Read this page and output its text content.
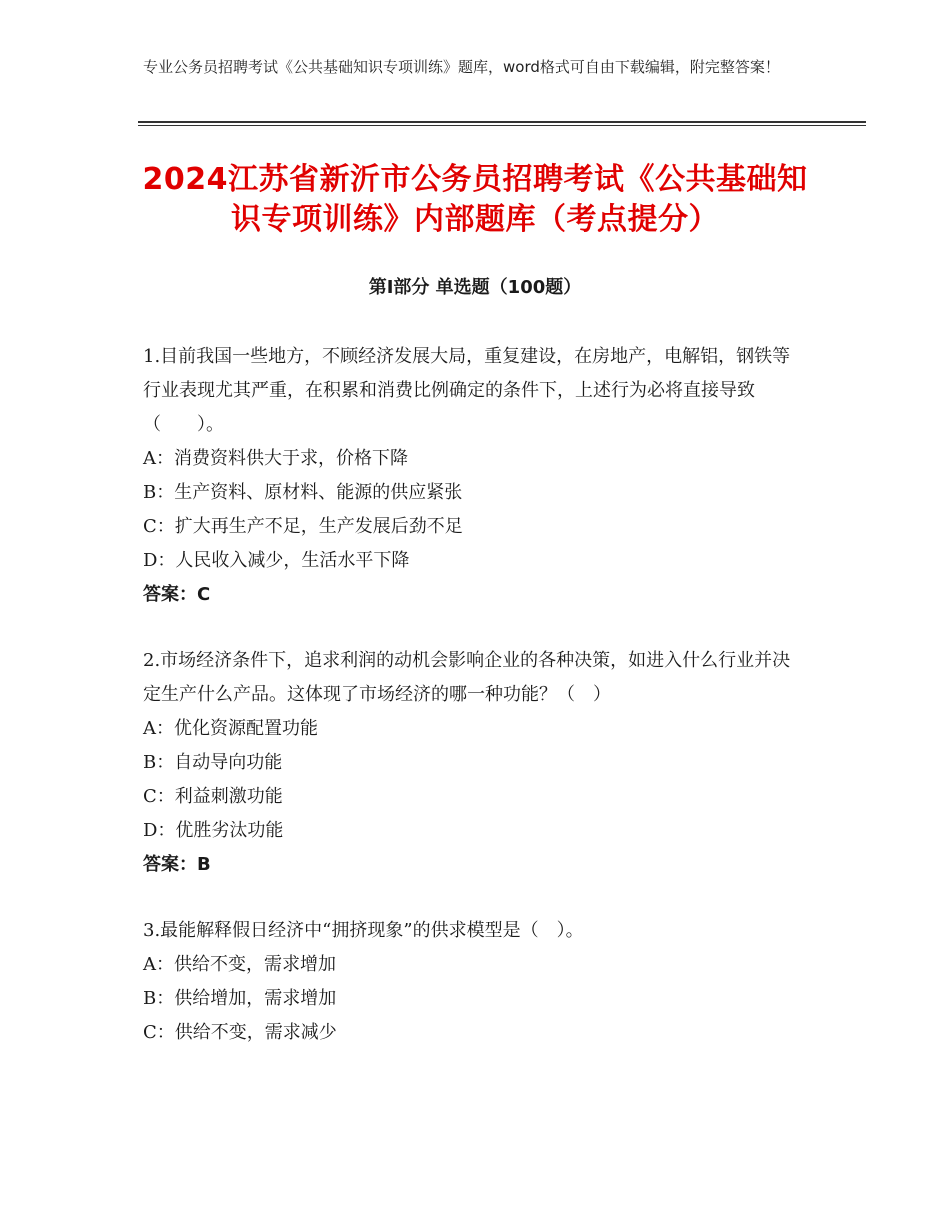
专业公务员招聘考试《公共基础知识专项训练》题库，word格式可自由下载编辑，附完整答案！
2024江苏省新沂市公务员招聘考试《公共基础知识专项训练》内部题库（考点提分）
第Ⅰ部分 单选题（100题）

1.目前我国一些地方，不顾经济发展大局，重复建设，在房地产，电解铝，钢铁等行业表现尤其严重，在积累和消费比例确定的条件下，上述行为必将直接导致（　　）。

A：消费资料供大于求，价格下降

B：生产资料、原材料、能源的供应紧张

C：扩大再生产不足，生产发展后劲不足

D：人民收入减少，生活水平下降

答案：C

2.市场经济条件下，追求利润的动机会影响企业的各种决策，如进入什么行业并决定生产什么产品。这体现了市场经济的哪一种功能？（　）

A：优化资源配置功能

B：自动导向功能

C：利益刺激功能

D：优胜劣汰功能

答案：B

3.最能解释假日经济中“拥挤现象”的供求模型是（　）。

A：供给不变，需求增加

B：供给增加，需求增加

C：供给不变，需求减少
